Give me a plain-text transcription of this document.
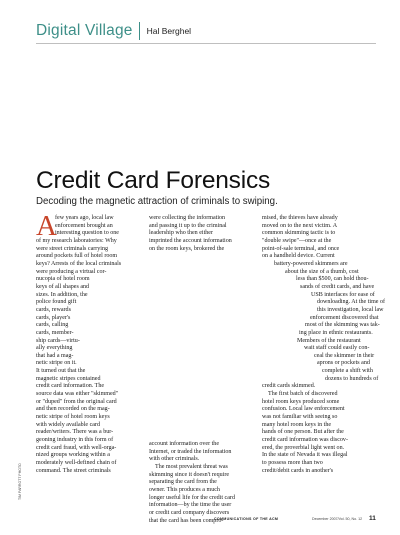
Digital Village Hal Berghel
Credit Card Forensics
Decoding the magnetic attraction of criminals to swiping.
TIM PARROTT PHOTO
A
few years ago, local law
enforcement brought an
interesting question to one
of my research laboratories: Why
were street criminals carrying
around pockets full of hotel room
keys? Arrests of the local criminals
were producing a virtual cor-
nucopia of hotel room
keys of all shapes and
sizes. In addition, the
police found gift
cards, rewards
cards, player's
cards, calling
cards, member-
ship cards—virtu-
ally everything
that had a mag-
netic stripe on it.
It turned out that the
magnetic stripes contained
credit card information. The
source data was either "skimmed"
or "duped" from the original card
and then recorded on the mag-
netic stripe of hotel room keys
with widely available card
reader/writers. There was a bur-
geoning industry in this form of
credit card fraud, with well-orga-
nized groups working within a
moderately well-defined chain of
command. The street criminals
were collecting the information
and passing it up to the criminal
leadership who then either
imprinted the account information
on the room keys, brokered the
account information over the
Internet, or traded the information
with other criminals.
The most prevalent threat was
skimming since it doesn't require
separating the card from the
owner. This produces a much
longer useful life for the credit card
information—by the time the user
or credit card company discovers
that the card has been compro-
mised, the thieves have already
moved on to the next victim. A
common skimming tactic is to
"double swipe"—once at the
point-of-sale terminal, and once
on a handheld device. Current
battery-powered skimmers are
about the size of a thumb, cost
less than $500, can hold thou-
sands of credit cards, and have
USB interfaces for ease of
downloading. At the time of
this investigation, local law
enforcement discovered that
most of the skimming was tak-
ing place in ethnic restaurants.
Members of the restaurant
wait staff could easily con-
ceal the skimmer in their
aprons or pockets and
complete a shift with
dozens to hundreds of
credit cards skimmed.
The first batch of discovered
hotel room keys produced some
confusion. Local law enforcement
was not familiar with seeing so
many hotel room keys in the
hands of one person. But after the
credit card information was discov-
ered, the proverbial light went on.
In the state of Nevada it was illegal
to possess more than two
credit/debit cards in another's
COMMUNICATIONS OF THE ACM	December 2007/Vol. 50, No. 12 11
